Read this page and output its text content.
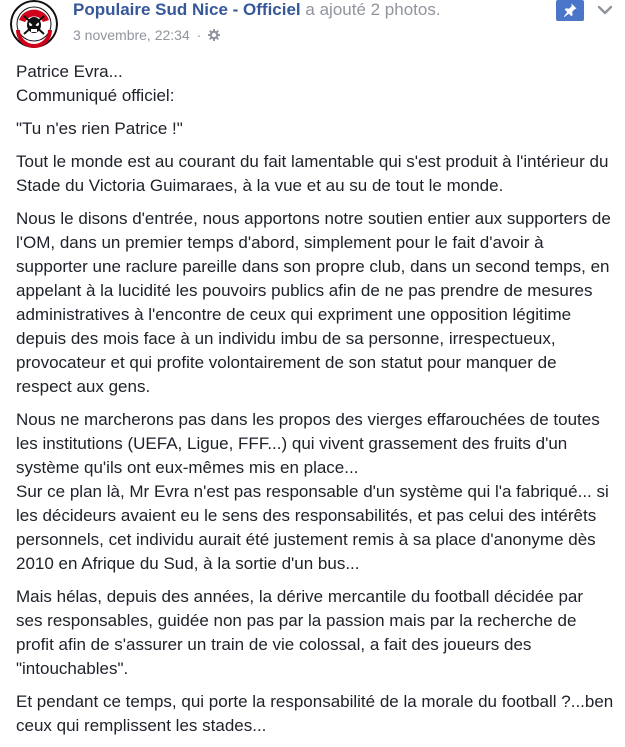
Populaire Sud Nice - Officiel a ajouté 2 photos.
3 novembre, 22:34 ·

Patrice Evra...
Communiqué officiel:

"Tu n'es rien Patrice !"

Tout le monde est au courant du fait lamentable qui s'est produit à l'intérieur du Stade du Victoria Guimaraes, à la vue et au su de tout le monde.

Nous le disons d'entrée, nous apportons notre soutien entier aux supporters de l'OM, dans un premier temps d'abord, simplement pour le fait d'avoir à supporter une raclure pareille dans son propre club, dans un second temps, en appelant à la lucidité les pouvoirs publics afin de ne pas prendre de mesures administratives à l'encontre de ceux qui expriment une opposition légitime depuis des mois face à un individu imbu de sa personne, irrespectueux, provocateur et qui profite volontairement de son statut pour manquer de respect aux gens.

Nous ne marcherons pas dans les propos des vierges effarouchées de toutes les institutions (UEFA, Ligue, FFF...) qui vivent grassement des fruits d'un système qu'ils ont eux-mêmes mis en place...
Sur ce plan là, Mr Evra n'est pas responsable d'un système qui l'a fabriqué... si les décideurs avaient eu le sens des responsabilités, et pas celui des intérêts personnels, cet individu aurait été justement remis à sa place d'anonyme dès 2010 en Afrique du Sud, à la sortie d'un bus...

Mais hélas, depuis des années, la dérive mercantile du football décidée par ses responsables, guidée non pas par la passion mais par la recherche de profit afin de s'assurer un train de vie colossal, a fait des joueurs des "intouchables".

Et pendant ce temps, qui porte la responsabilité de la morale du football ?...ben ceux qui remplissent les stades...
